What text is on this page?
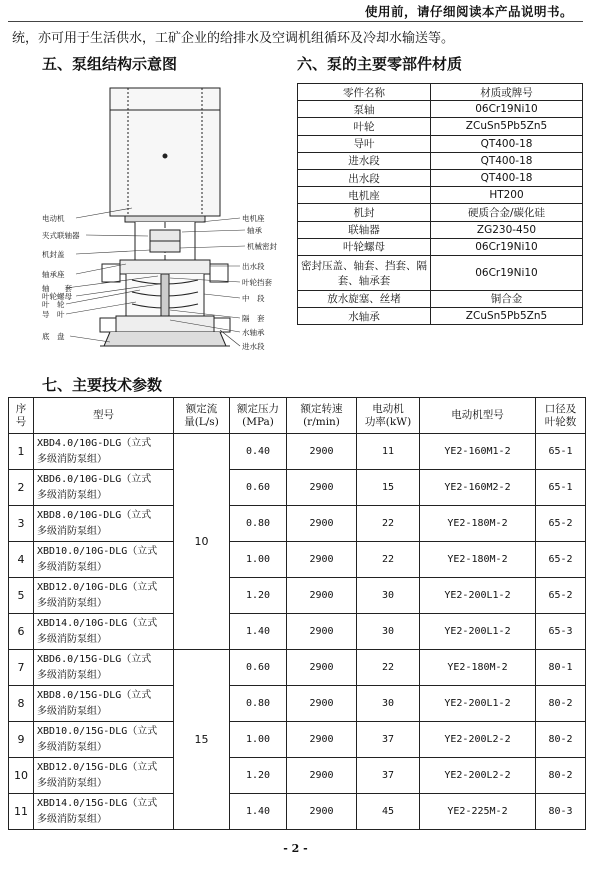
使用前，请仔细阅读本产品说明书。
统，亦可用于生活供水，工矿企业的给排水及空调机组循环及冷却水输送等。
五、泵组结构示意图	六、泵的主要零部件材质
电动机
夹式联轴器
机封盖
轴承座
轴　　套
叶轮螺母
叶　轮
导　叶
底　盘
电机座
轴承
机械密封
出水段
叶轮挡套
中　段
隔　套
水轴承
进水段
零件名称	材质或牌号
泵轴	06Cr19Ni10
叶轮	ZCuSn5Pb5Zn5
导叶	QT400-18
进水段	QT400-18
出水段	QT400-18
电机座	HT200
机封	硬质合金/碳化硅
联轴器	ZG230-450
叶轮螺母	06Cr19Ni10
密封压盖、轴套、挡套、隔套、轴承套	06Cr19Ni10
放水旋塞、丝堵	铜合金
水轴承	ZCuSn5Pb5Zn5
七、主要技术参数
序
号	型号	额定流
量(L/s)	额定压力
(MPa)	额定转速
(r/min)	电动机
功率(kW)	电动机型号	口径及
叶轮数
1	XBD4.0/10G-DLG（立式
多级消防泵组）	10	0.40	2900	11	YE2-160M1-2	65-1
2	XBD6.0/10G-DLG（立式
多级消防泵组）		0.60	2900	15	YE2-160M2-2	65-1
3	XBD8.0/10G-DLG（立式
多级消防泵组）		0.80	2900	22	YE2-180M-2	65-2
4	XBD10.0/10G-DLG（立式
多级消防泵组）		1.00	2900	22	YE2-180M-2	65-2
5	XBD12.0/10G-DLG（立式
多级消防泵组）		1.20	2900	30	YE2-200L1-2	65-2
6	XBD14.0/10G-DLG（立式
多级消防泵组）		1.40	2900	30	YE2-200L1-2	65-3
7	XBD6.0/15G-DLG（立式
多级消防泵组）	15	0.60	2900	22	YE2-180M-2	80-1
8	XBD8.0/15G-DLG（立式
多级消防泵组）		0.80	2900	30	YE2-200L1-2	80-2
9	XBD10.0/15G-DLG（立式
多级消防泵组）		1.00	2900	37	YE2-200L2-2	80-2
10	XBD12.0/15G-DLG（立式
多级消防泵组）		1.20	2900	37	YE2-200L2-2	80-2
11	XBD14.0/15G-DLG（立式
多级消防泵组）		1.40	2900	45	YE2-225M-2	80-3
- 2 -
